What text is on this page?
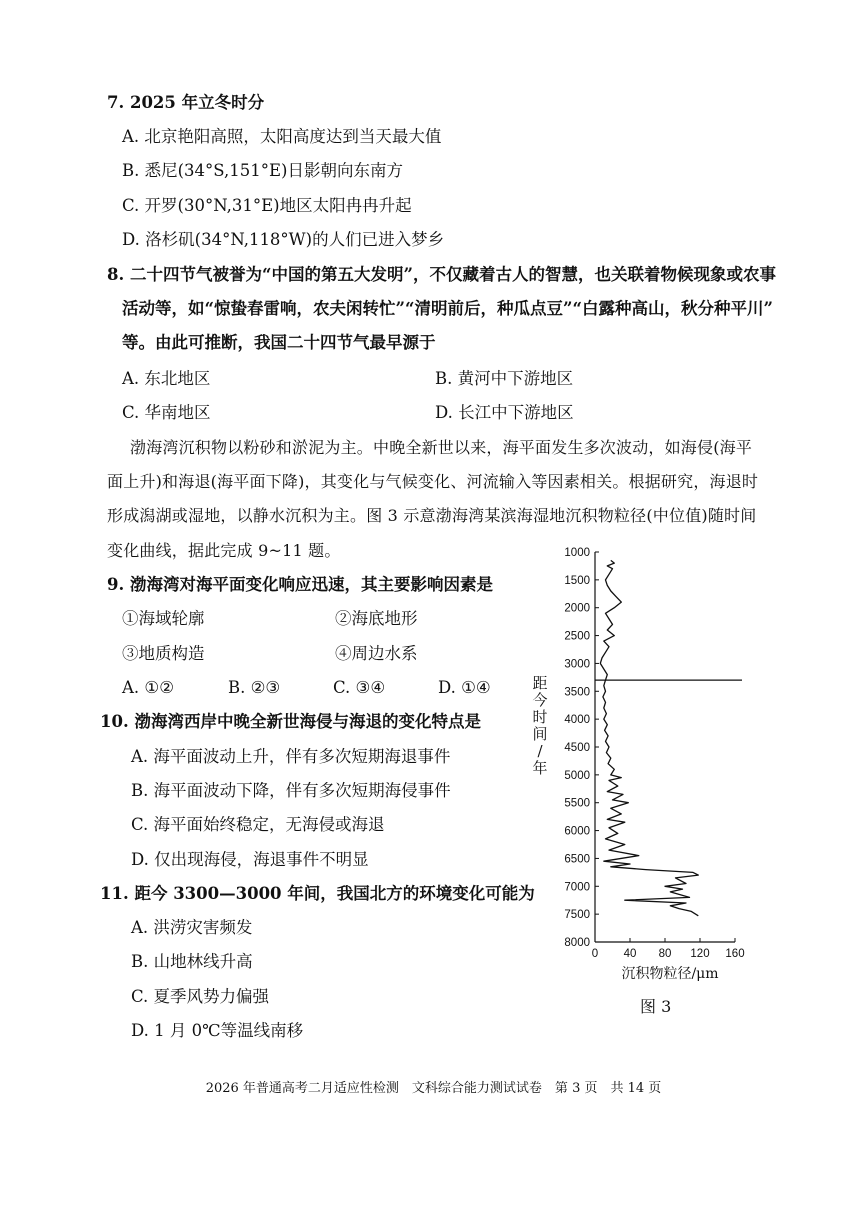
7. 2025 年立冬时分
A. 北京艳阳高照，太阳高度达到当天最大值
B. 悉尼(34°S,151°E)日影朝向东南方
C. 开罗(30°N,31°E)地区太阳冉冉升起
D. 洛杉矶(34°N,118°W)的人们已进入梦乡
8. 二十四节气被誉为“中国的第五大发明”，不仅藏着古人的智慧，也关联着物候现象或农事
活动等，如“惊蛰春雷响，农夫闲转忙”“清明前后，种瓜点豆”“白露种高山，秋分种平川”
等。由此可推断，我国二十四节气最早源于
A. 东北地区	B. 黄河中下游地区
C. 华南地区	D. 长江中下游地区
渤海湾沉积物以粉砂和淤泥为主。中晚全新世以来，海平面发生多次波动，如海侵(海平
面上升)和海退(海平面下降)，其变化与气候变化、河流输入等因素相关。根据研究，海退时
形成潟湖或湿地，以静水沉积为主。图 3 示意渤海湾某滨海湿地沉积物粒径(中位值)随时间
变化曲线，据此完成 9~11 题。
9. 渤海湾对海平面变化响应迅速，其主要影响因素是
①海域轮廓	②海底地形
③地质构造	④周边水系
A. ①②	B. ②③	C. ③④	D. ①④
10. 渤海湾西岸中晚全新世海侵与海退的变化特点是
A. 海平面波动上升，伴有多次短期海退事件
B. 海平面波动下降，伴有多次短期海侵事件
C. 海平面始终稳定，无海侵或海退
D. 仅出现海侵，海退事件不明显
11. 距今 3300—3000 年间，我国北方的环境变化可能为
A. 洪涝灾害频发
B. 山地林线升高
C. 夏季风势力偏强
D. 1 月 0℃等温线南移
1000
1500
2000
2500
3000
3500
4000
4500
5000
5500
6000
6500
7000
7500
8000
0 40 80 120 160
沉积物粒径/μm
距今时间/年
图 3
2026 年普通高考二月适应性检测　文科综合能力测试试卷　第 3 页　共 14 页
